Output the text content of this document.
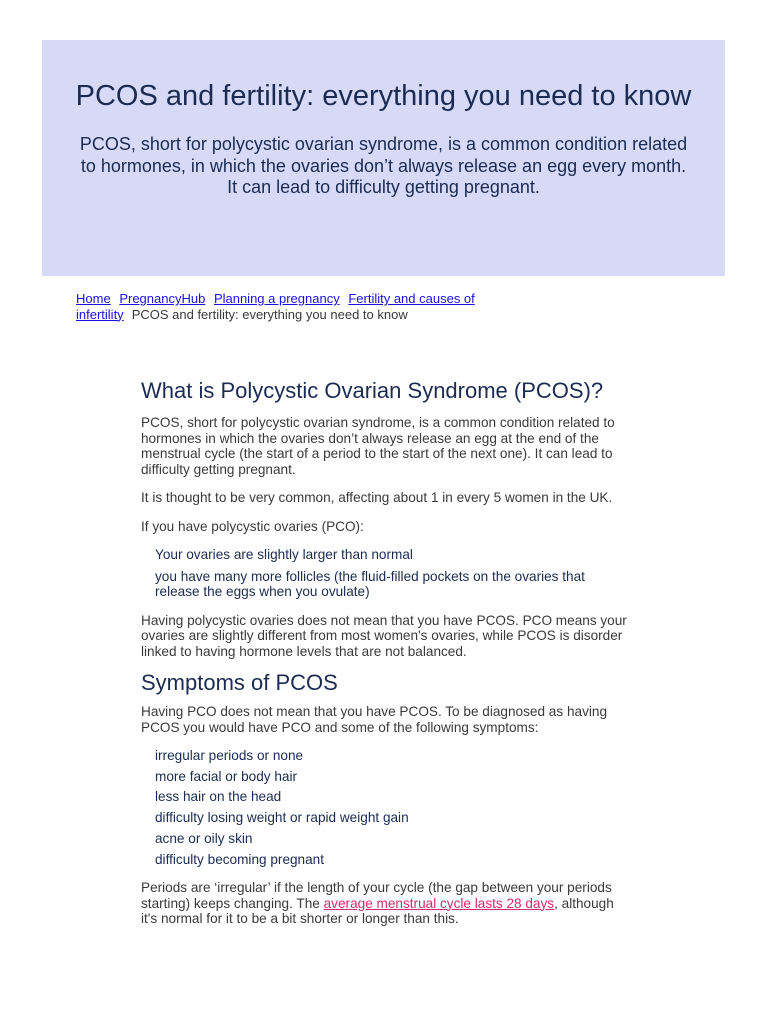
PCOS and fertility: everything you need to know

PCOS, short for polycystic ovarian syndrome, is a common condition related to hormones, in which the ovaries don’t always release an egg every month. It can lead to difficulty getting pregnant.

Home PregnancyHub Planning a pregnancy Fertility and causes of infertility PCOS and fertility: everything you need to know
What is Polycystic Ovarian Syndrome (PCOS)?

PCOS, short for polycystic ovarian syndrome, is a common condition related to hormones in which the ovaries don’t always release an egg at the end of the menstrual cycle (the start of a period to the start of the next one). It can lead to difficulty getting pregnant.

It is thought to be very common, affecting about 1 in every 5 women in the UK.

If you have polycystic ovaries (PCO):

Your ovaries are slightly larger than normal
you have many more follicles (the fluid-filled pockets on the ovaries that release the eggs when you ovulate)

Having polycystic ovaries does not mean that you have PCOS. PCO means your ovaries are slightly different from most women's ovaries, while PCOS is disorder linked to having hormone levels that are not balanced.

Symptoms of PCOS

Having PCO does not mean that you have PCOS. To be diagnosed as having PCOS you would have PCO and some of the following symptoms:

irregular periods or none
more facial or body hair
less hair on the head
difficulty losing weight or rapid weight gain
acne or oily skin
difficulty becoming pregnant

Periods are ‘irregular’ if the length of your cycle (the gap between your periods starting) keeps changing. The average menstrual cycle lasts 28 days, although it's normal for it to be a bit shorter or longer than this.
